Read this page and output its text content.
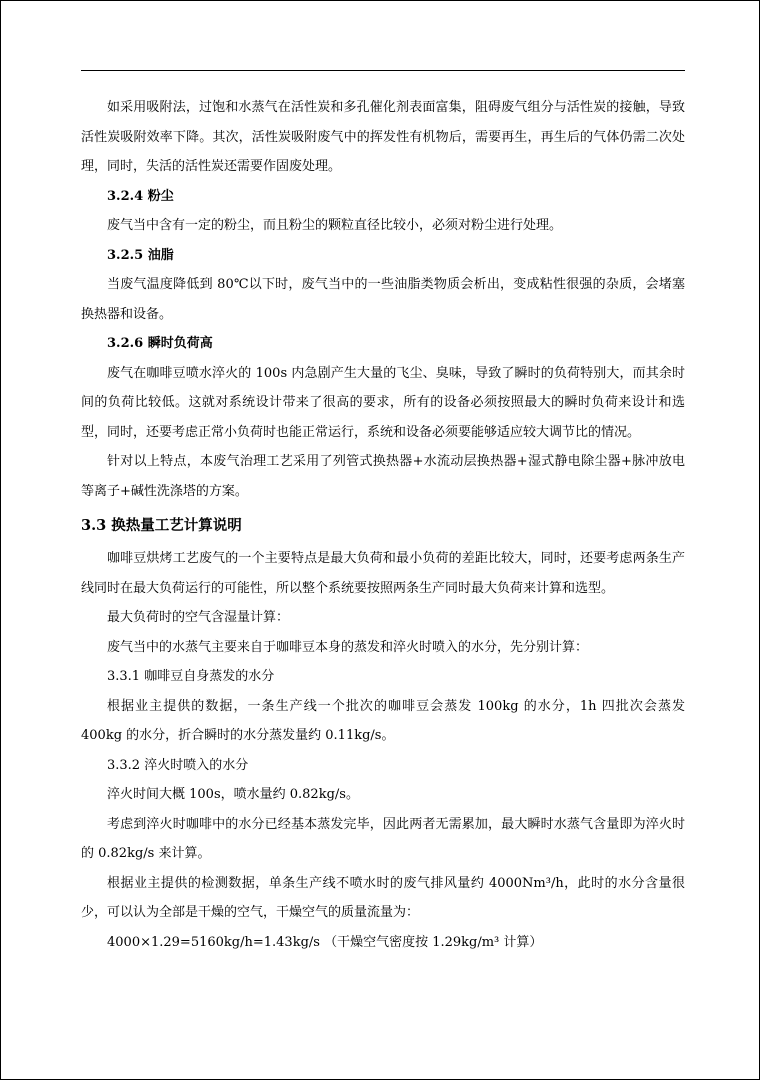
如采用吸附法，过饱和水蒸气在活性炭和多孔催化剂表面富集，阻碍废气组分与活性炭的接触，导致活性炭吸附效率下降。其次，活性炭吸附废气中的挥发性有机物后，需要再生，再生后的气体仍需二次处理，同时，失活的活性炭还需要作固废处理。

3.2.4 粉尘

废气当中含有一定的粉尘，而且粉尘的颗粒直径比较小，必须对粉尘进行处理。

3.2.5 油脂

当废气温度降低到 80℃以下时，废气当中的一些油脂类物质会析出，变成粘性很强的杂质，会堵塞换热器和设备。

3.2.6 瞬时负荷高

废气在咖啡豆喷水淬火的 100s 内急剧产生大量的飞尘、臭味，导致了瞬时的负荷特别大，而其余时间的负荷比较低。这就对系统设计带来了很高的要求，所有的设备必须按照最大的瞬时负荷来设计和选型，同时，还要考虑正常小负荷时也能正常运行，系统和设备必须要能够适应较大调节比的情况。

针对以上特点，本废气治理工艺采用了列管式换热器+水流动层换热器+湿式静电除尘器+脉冲放电等离子+碱性洗涤塔的方案。

3.3 换热量工艺计算说明

咖啡豆烘烤工艺废气的一个主要特点是最大负荷和最小负荷的差距比较大，同时，还要考虑两条生产线同时在最大负荷运行的可能性，所以整个系统要按照两条生产同时最大负荷来计算和选型。

最大负荷时的空气含湿量计算：

废气当中的水蒸气主要来自于咖啡豆本身的蒸发和淬火时喷入的水分，先分别计算：

3.3.1 咖啡豆自身蒸发的水分

根据业主提供的数据，一条生产线一个批次的咖啡豆会蒸发 100kg 的水分，1h 四批次会蒸发 400kg 的水分，折合瞬时的水分蒸发量约 0.11kg/s。

3.3.2 淬火时喷入的水分

淬火时间大概 100s，喷水量约 0.82kg/s。

考虑到淬火时咖啡中的水分已经基本蒸发完毕，因此两者无需累加，最大瞬时水蒸气含量即为淬火时的 0.82kg/s 来计算。

根据业主提供的检测数据，单条生产线不喷水时的废气排风量约 4000Nm³/h，此时的水分含量很少，可以认为全部是干燥的空气，干燥空气的质量流量为：

4000×1.29=5160kg/h=1.43kg/s （干燥空气密度按 1.29kg/m³ 计算）
